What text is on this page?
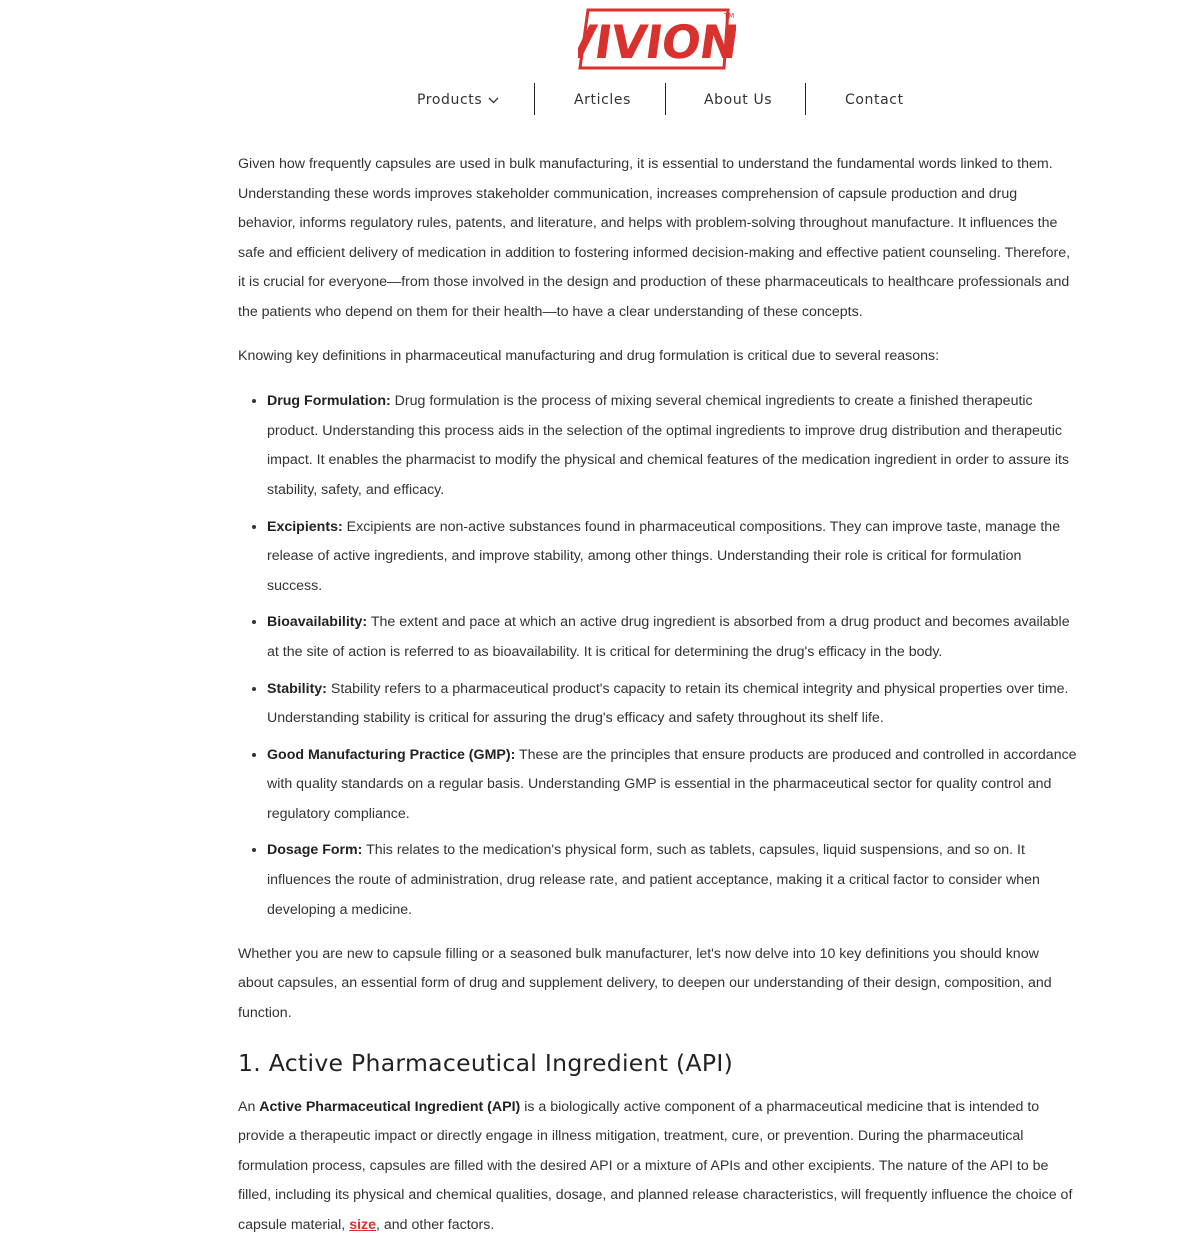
VIVION
TM
Products	Articles	About Us	Contact

Given how frequently capsules are used in bulk manufacturing, it is essential to understand the fundamental words linked to them. Understanding these words improves stakeholder communication, increases comprehension of capsule production and drug behavior, informs regulatory rules, patents, and literature, and helps with problem-solving throughout manufacture. It influences the safe and efficient delivery of medication in addition to fostering informed decision-making and effective patient counseling. Therefore, it is crucial for everyone—from those involved in the design and production of these pharmaceuticals to healthcare professionals and the patients who depend on them for their health—to have a clear understanding of these concepts.

Knowing key definitions in pharmaceutical manufacturing and drug formulation is critical due to several reasons:

• Drug Formulation: Drug formulation is the process of mixing several chemical ingredients to create a finished therapeutic product. Understanding this process aids in the selection of the optimal ingredients to improve drug distribution and therapeutic impact. It enables the pharmacist to modify the physical and chemical features of the medication ingredient in order to assure its stability, safety, and efficacy.
• Excipients: Excipients are non-active substances found in pharmaceutical compositions. They can improve taste, manage the release of active ingredients, and improve stability, among other things. Understanding their role is critical for formulation success.
• Bioavailability: The extent and pace at which an active drug ingredient is absorbed from a drug product and becomes available at the site of action is referred to as bioavailability. It is critical for determining the drug's efficacy in the body.
• Stability: Stability refers to a pharmaceutical product's capacity to retain its chemical integrity and physical properties over time. Understanding stability is critical for assuring the drug's efficacy and safety throughout its shelf life.
• Good Manufacturing Practice (GMP): These are the principles that ensure products are produced and controlled in accordance with quality standards on a regular basis. Understanding GMP is essential in the pharmaceutical sector for quality control and regulatory compliance.
• Dosage Form: This relates to the medication's physical form, such as tablets, capsules, liquid suspensions, and so on. It influences the route of administration, drug release rate, and patient acceptance, making it a critical factor to consider when developing a medicine.

Whether you are new to capsule filling or a seasoned bulk manufacturer, let's now delve into 10 key definitions you should know about capsules, an essential form of drug and supplement delivery, to deepen our understanding of their design, composition, and function.

1. Active Pharmaceutical Ingredient (API)

An Active Pharmaceutical Ingredient (API) is a biologically active component of a pharmaceutical medicine that is intended to provide a therapeutic impact or directly engage in illness mitigation, treatment, cure, or prevention. During the pharmaceutical formulation process, capsules are filled with the desired API or a mixture of APIs and other excipients. The nature of the API to be filled, including its physical and chemical qualities, dosage, and planned release characteristics, will frequently influence the choice of capsule material, size, and other factors.
